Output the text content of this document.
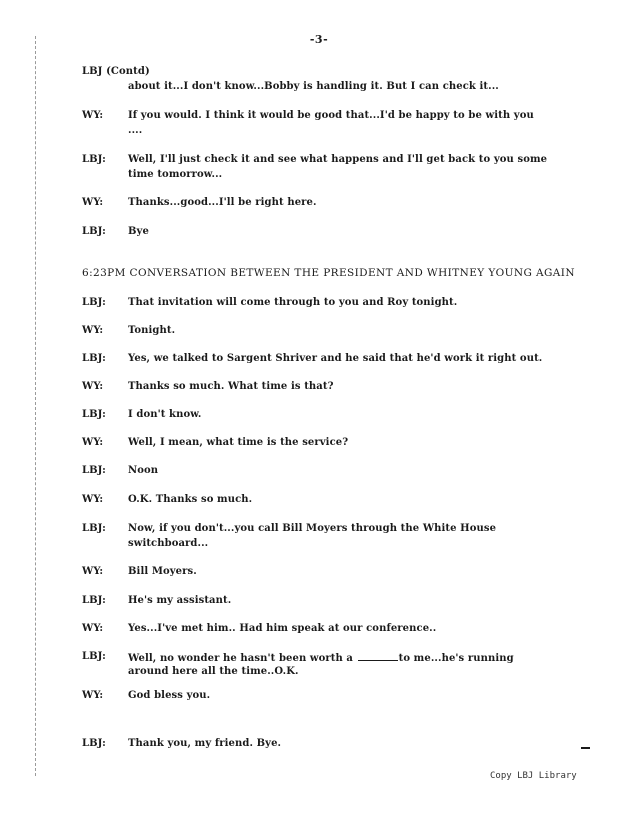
-3-
LBJ (Contd)
about it...I don't know...Bobby is handling it. But I can check it...
WY: If you would. I think it would be good that...I'd be happy to be with you
....
LBJ: Well, I'll just check it and see what happens and I'll get back to you some
time tomorrow...
WY: Thanks...good...I'll be right here.
LBJ: Bye
6:23PM CONVERSATION BETWEEN THE PRESIDENT AND WHITNEY YOUNG AGAIN
LBJ: That invitation will come through to you and Roy tonight.
WY: Tonight.
LBJ: Yes, we talked to Sargent Shriver and he said that he'd work it right out.
WY: Thanks so much. What time is that?
LBJ: I don't know.
WY: Well, I mean, what time is the service?
LBJ: Noon
WY: O.K. Thanks so much.
LBJ: Now, if you don't...you call Bill Moyers through the White House
switchboard...
WY: Bill Moyers.
LBJ: He's my assistant.
WY: Yes...I've met him.. Had him speak at our conference..
LBJ: Well, no wonder he hasn't been worth a	to me...he's running
around here all the time..O.K.
WY: God bless you.
LBJ: Thank you, my friend. Bye.
Copy LBJ Library
